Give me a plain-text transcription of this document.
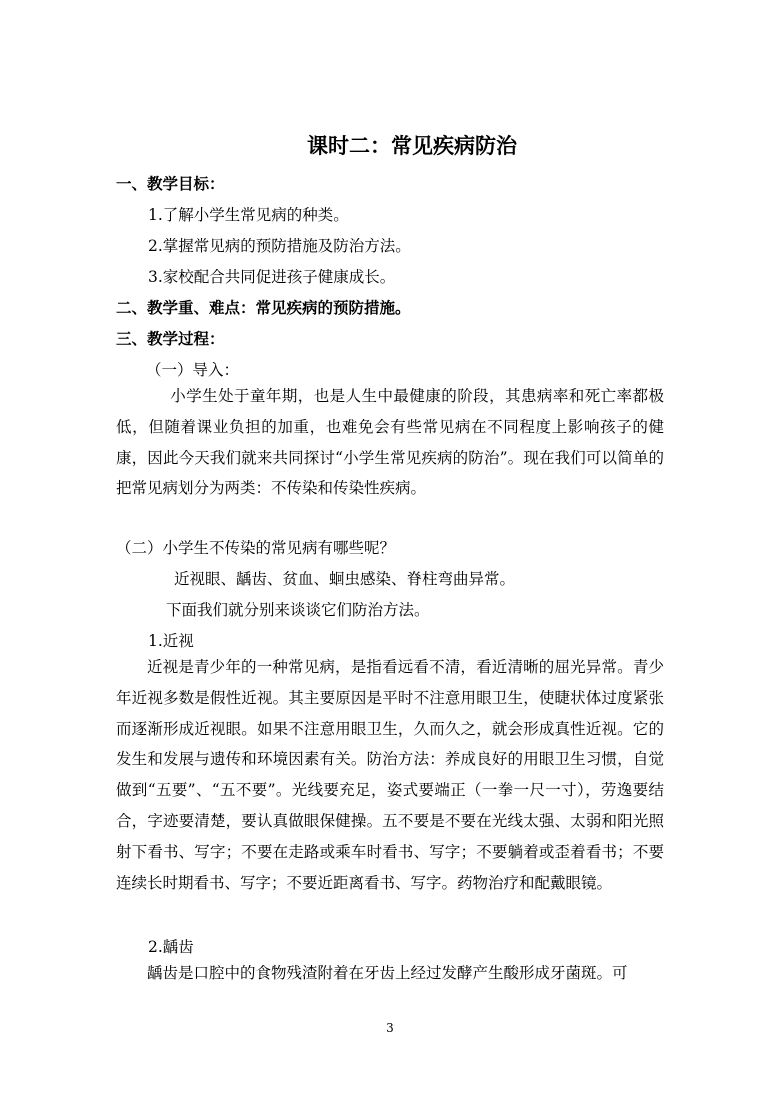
课时二：常见疾病防治
一、教学目标：
1.了解小学生常见病的种类。
2.掌握常见病的预防措施及防治方法。
3.家校配合共同促进孩子健康成长。
二、教学重、难点：常见疾病的预防措施。
三、教学过程：
（一）导入：
小学生处于童年期，也是人生中最健康的阶段，其患病率和死亡率都极低，但随着课业负担的加重，也难免会有些常见病在不同程度上影响孩子的健康，因此今天我们就来共同探讨“小学生常见疾病的防治”。现在我们可以简单的把常见病划分为两类：不传染和传染性疾病。
（二）小学生不传染的常见病有哪些呢？
近视眼、龋齿、贫血、蛔虫感染、脊柱弯曲异常。
下面我们就分别来谈谈它们防治方法。
1.近视
近视是青少年的一种常见病，是指看远看不清，看近清晰的屈光异常。青少年近视多数是假性近视。其主要原因是平时不注意用眼卫生，使睫状体过度紧张而逐渐形成近视眼。如果不注意用眼卫生，久而久之，就会形成真性近视。它的发生和发展与遗传和环境因素有关。防治方法：养成良好的用眼卫生习惯，自觉做到“五要”、“五不要”。光线要充足，姿式要端正（一拳一尺一寸），劳逸要结合，字迹要清楚，要认真做眼保健操。五不要是不要在光线太强、太弱和阳光照射下看书、写字；不要在走路或乘车时看书、写字；不要躺着或歪着看书；不要连续长时期看书、写字；不要近距离看书、写字。药物治疗和配戴眼镜。
2.龋齿
龋齿是口腔中的食物残渣附着在牙齿上经过发酵产生酸形成牙菌斑。可
3
